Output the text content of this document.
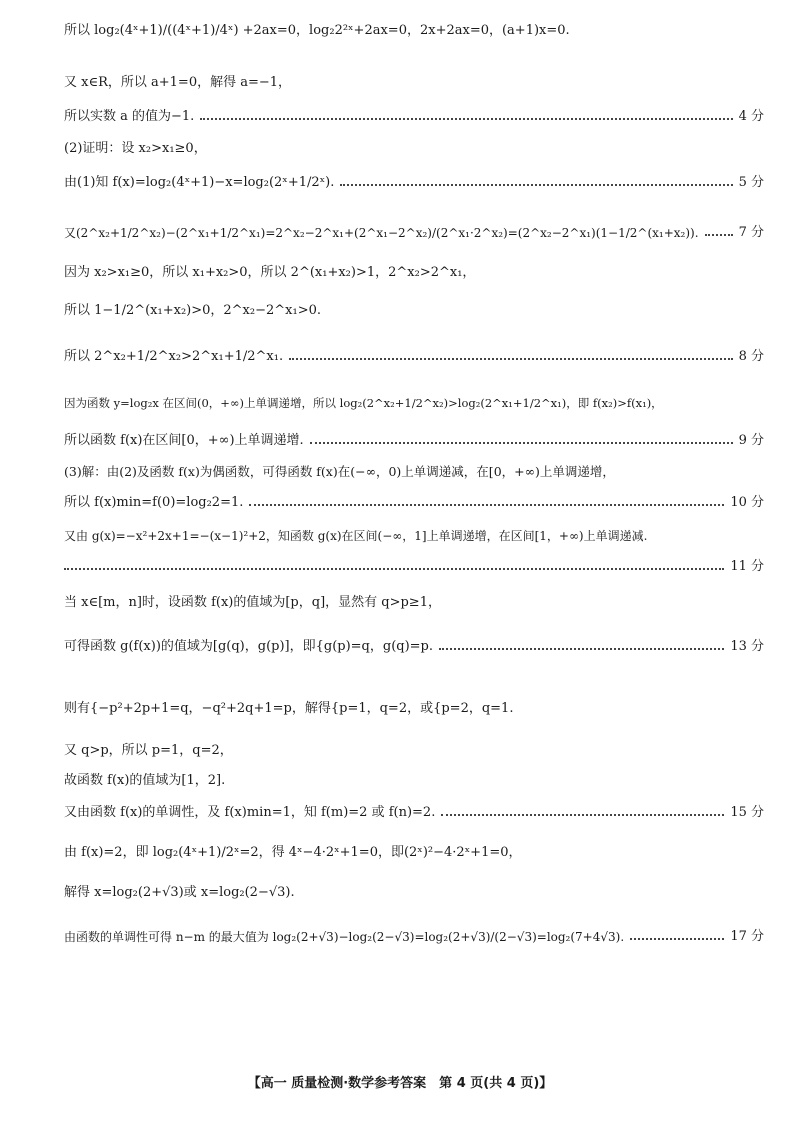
所以 log₂(4ˣ+1)/((4ˣ+1)/4ˣ) +2ax=0，log₂2²ˣ+2ax=0，2x+2ax=0，(a+1)x=0.
又 x∈R，所以 a+1=0，解得 a=−1，
所以实数 a 的值为−1.	4 分
(2)证明：设 x₂>x₁≥0，
由(1)知 f(x)=log₂(4ˣ+1)−x=log₂(2ˣ+1/2ˣ).	5 分
又(2^x₂+1/2^x₂)−(2^x₁+1/2^x₁)=2^x₂−2^x₁+(2^x₁−2^x₂)/(2^x₁·2^x₂)=(2^x₂−2^x₁)(1−1/2^(x₁+x₂)).	7 分
因为 x₂>x₁≥0，所以 x₁+x₂>0，所以 2^(x₁+x₂)>1，2^x₂>2^x₁，
所以 1−1/2^(x₁+x₂)>0，2^x₂−2^x₁>0.
所以 2^x₂+1/2^x₂>2^x₁+1/2^x₁.	8 分
因为函数 y=log₂x 在区间(0，+∞)上单调递增，所以 log₂(2^x₂+1/2^x₂)>log₂(2^x₁+1/2^x₁)，即 f(x₂)>f(x₁)，
所以函数 f(x)在区间[0，+∞)上单调递增.	9 分
(3)解：由(2)及函数 f(x)为偶函数，可得函数 f(x)在(−∞，0)上单调递减，在[0，+∞)上单调递增，
所以 f(x)min=f(0)=log₂2=1.	10 分
又由 g(x)=−x²+2x+1=−(x−1)²+2，知函数 g(x)在区间(−∞，1]上单调递增，在区间[1，+∞)上单调递减.
11 分
当 x∈[m，n]时，设函数 f(x)的值域为[p，q]，显然有 q>p≥1，
可得函数 g(f(x))的值域为[g(q)，g(p)]，即{g(p)=q，g(q)=p.	13 分
则有{−p²+2p+1=q，−q²+2q+1=p，解得{p=1，q=2，或{p=2，q=1.
又 q>p，所以 p=1，q=2，
故函数 f(x)的值域为[1，2].
又由函数 f(x)的单调性，及 f(x)min=1，知 f(m)=2 或 f(n)=2.	15 分
由 f(x)=2，即 log₂(4ˣ+1)/2ˣ=2，得 4ˣ−4·2ˣ+1=0，即(2ˣ)²−4·2ˣ+1=0，
解得 x=log₂(2+√3)或 x=log₂(2−√3).
由函数的单调性可得 n−m 的最大值为 log₂(2+√3)−log₂(2−√3)=log₂(2+√3)/(2−√3)=log₂(7+4√3).	17 分
【高一 质量检测·数学参考答案　第 4 页(共 4 页)】
